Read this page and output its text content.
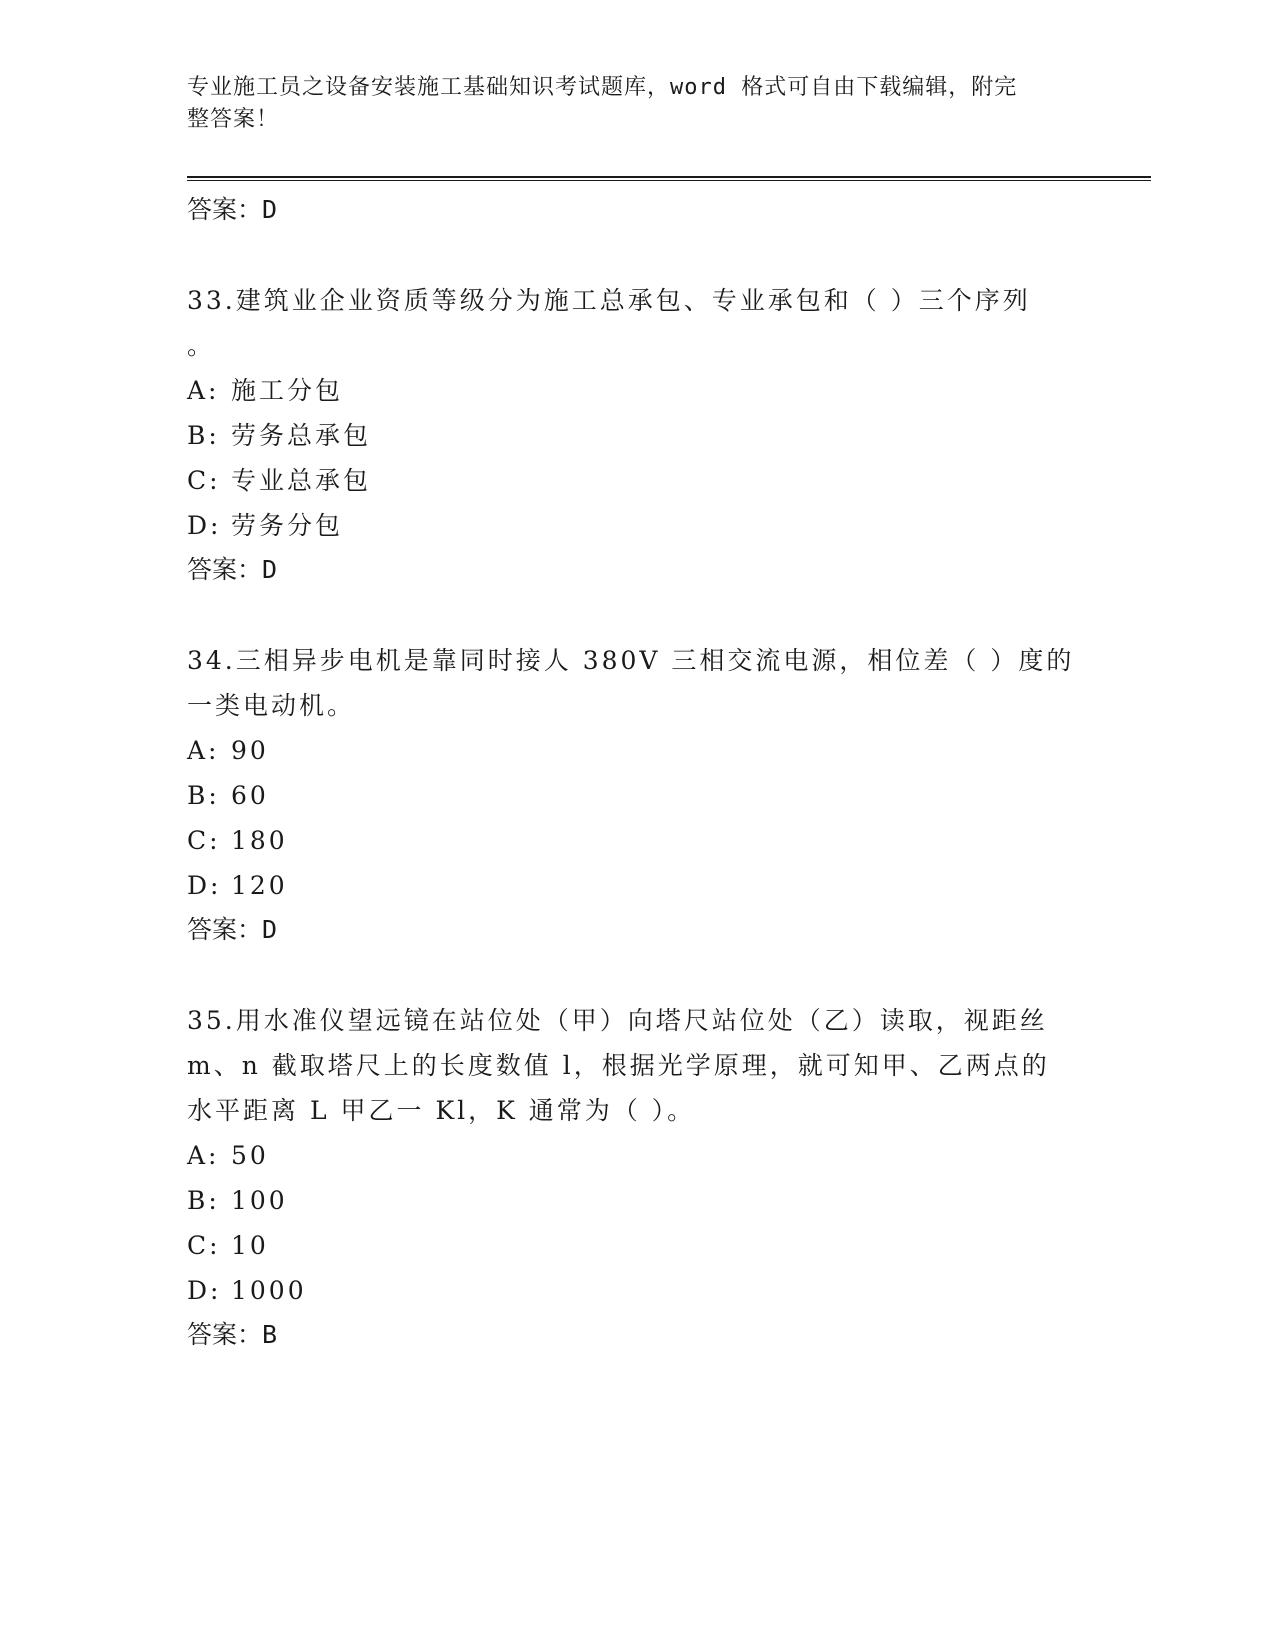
专业施工员之设备安装施工基础知识考试题库，word 格式可自由下载编辑，附完
整答案！
答案：D
33.建筑业企业资质等级分为施工总承包、专业承包和（ ）三个序列
。
A: 施工分包
B: 劳务总承包
C: 专业总承包
D: 劳务分包
答案：D
34.三相异步电机是靠同时接人 380V 三相交流电源，相位差（ ）度的
一类电动机。
A: 90
B: 60
C: 180
D: 120
答案：D
35.用水准仪望远镜在站位处（甲）向塔尺站位处（乙）读取，视距丝
m、n 截取塔尺上的长度数值 l，根据光学原理，就可知甲、乙两点的
水平距离 L 甲乙一 Kl，K 通常为（ ）。
A: 50
B: 100
C: 10
D: 1000
答案：B
